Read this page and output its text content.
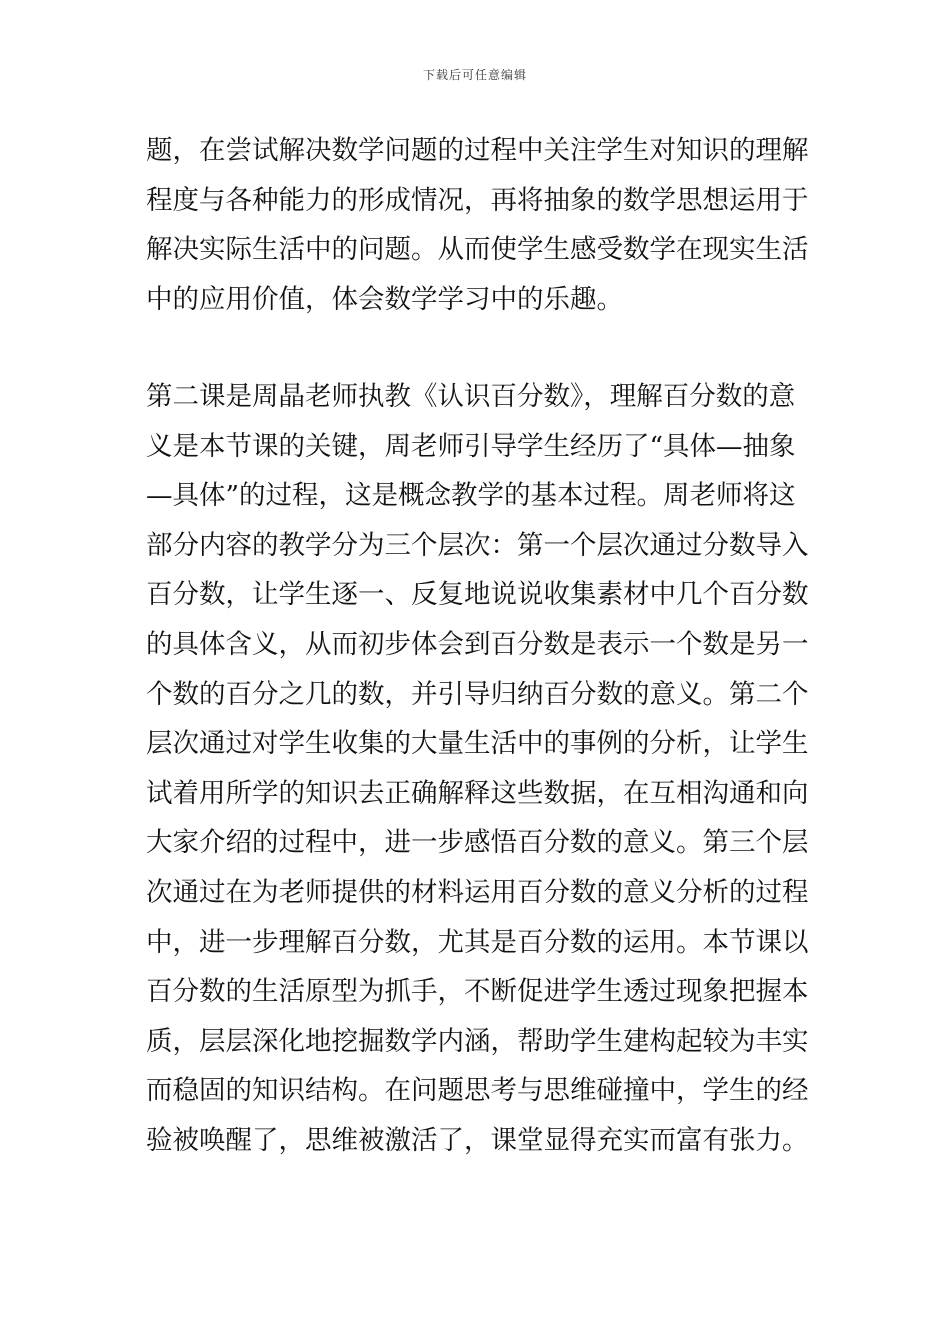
下载后可任意编辑
题，在尝试解决数学问题的过程中关注学生对知识的理解
程度与各种能力的形成情况，再将抽象的数学思想运用于
解决实际生活中的问题。从而使学生感受数学在现实生活
中的应用价值，体会数学学习中的乐趣。
第二课是周晶老师执教《认识百分数》，理解百分数的意
义是本节课的关键，周老师引导学生经历了“具体—抽象
—具体”的过程，这是概念教学的基本过程。周老师将这
部分内容的教学分为三个层次：第一个层次通过分数导入
百分数，让学生逐一、反复地说说收集素材中几个百分数
的具体含义，从而初步体会到百分数是表示一个数是另一
个数的百分之几的数，并引导归纳百分数的意义。第二个
层次通过对学生收集的大量生活中的事例的分析，让学生
试着用所学的知识去正确解释这些数据，在互相沟通和向
大家介绍的过程中，进一步感悟百分数的意义。第三个层
次通过在为老师提供的材料运用百分数的意义分析的过程
中，进一步理解百分数，尤其是百分数的运用。本节课以
百分数的生活原型为抓手，不断促进学生透过现象把握本
质，层层深化地挖掘数学内涵，帮助学生建构起较为丰实
而稳固的知识结构。在问题思考与思维碰撞中，学生的经
验被唤醒了，思维被激活了，课堂显得充实而富有张力。
